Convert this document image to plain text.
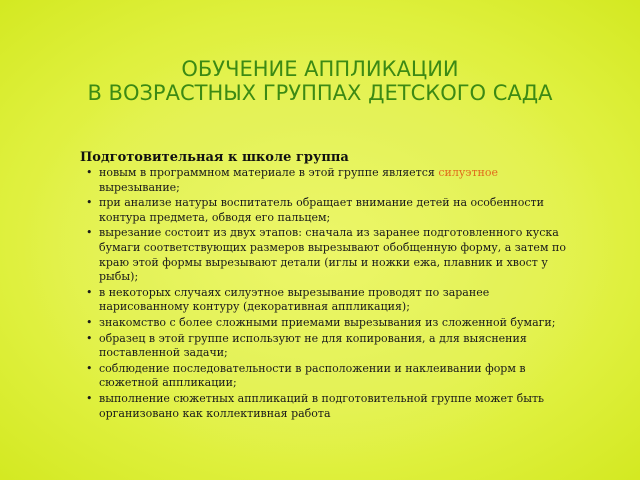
ОБУЧЕНИЕ АППЛИКАЦИИ
В ВОЗРАСТНЫХ ГРУППАХ ДЕТСКОГО САДА
Подготовительная к школе группа
• новым в программном материале в этой группе является силуэтное вырезывание;
• при анализе натуры воспитатель обращает внимание детей на особенности контура предмета, обводя его пальцем;
• вырезание состоит из двух этапов: сначала из заранее подготовленного куска бумаги соответствующих размеров вырезывают обобщенную форму, а затем по краю этой формы вырезывают детали (иглы и ножки ежа, плавник и хвост у рыбы);
• в некоторых случаях силуэтное вырезывание проводят по заранее нарисованному контуру (декоративная аппликация);
• знакомство с более сложными приемами вырезывания из сложенной бумаги;
• образец в этой группе используют не для копирования, а для выяснения поставленной задачи;
• соблюдение последовательности в расположении и наклеивании форм в сюжетной аппликации;
• выполнение сюжетных аппликаций в подготовительной группе может быть организовано как коллективная работа
